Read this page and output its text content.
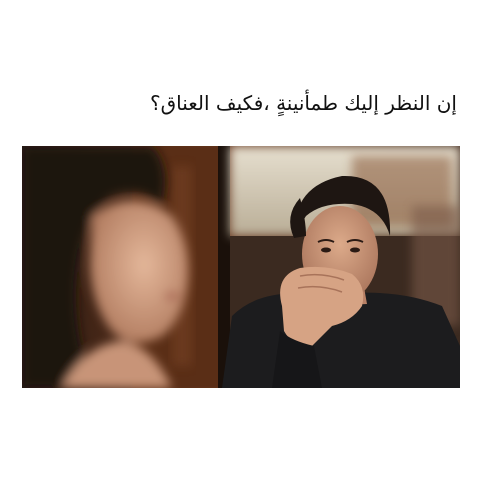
إن النظر إليك طمأنينةٍ ،فكيف العناق؟
